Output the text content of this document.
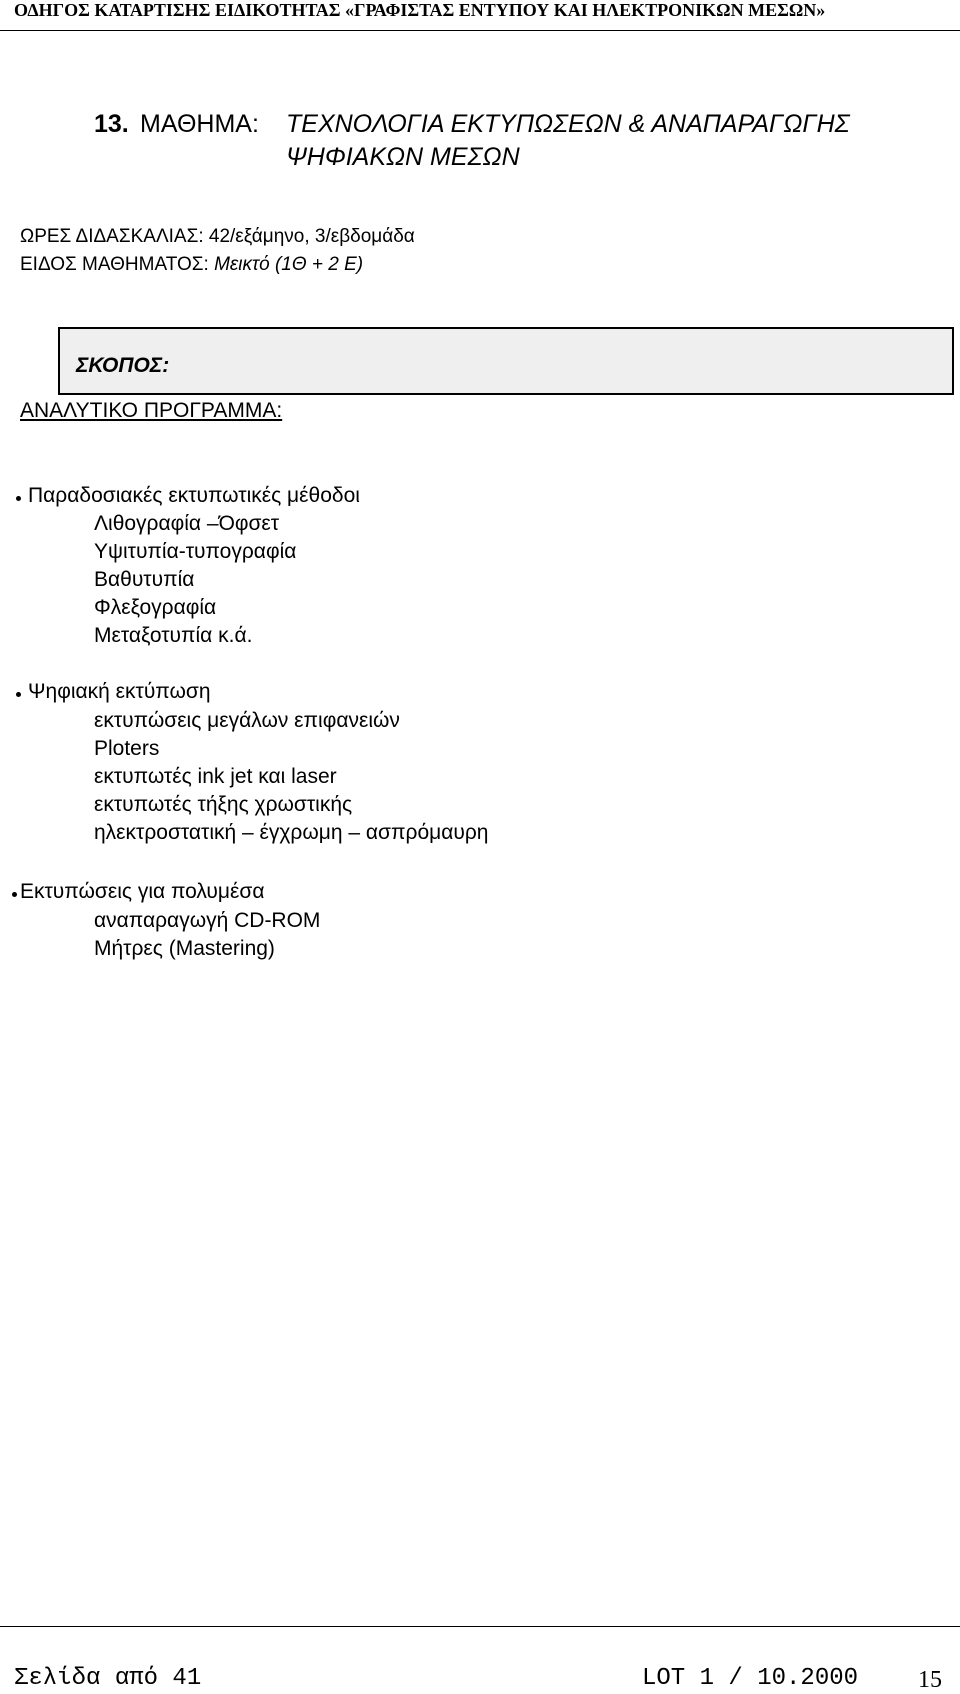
ΟΔΗΓΟΣ ΚΑΤΑΡΤΙΣΗΣ ΕΙΔΙΚΟΤΗΤΑΣ «ΓΡΑΦΙΣΤΑΣ ΕΝΤΥΠΟΥ ΚΑΙ ΗΛΕΚΤΡΟΝΙΚΩΝ ΜΕΣΩΝ»
13. ΜΑΘΗΜΑ: ΤΕΧΝΟΛΟΓΙΑ ΕΚΤΥΠΩΣΕΩΝ & ΑΝΑΠΑΡΑΓΩΓΗΣ
ΨΗΦΙΑΚΩΝ ΜΕΣΩΝ
ΩΡΕΣ ΔΙΔΑΣΚΑΛΙΑΣ: 42/εξάμηνο, 3/εβδομάδα
ΕΙΔΟΣ ΜΑΘΗΜΑΤΟΣ: Μεικτό (1Θ + 2 Ε)
ΣΚΟΠΟΣ:
ΑΝΑΛΥΤΙΚΟ ΠΡΟΓΡΑΜΜΑ:
Παραδοσιακές εκτυπωτικές μέθοδοι
Λιθογραφία –Όφσετ
Υψιτυπία-τυπογραφία
Βαθυτυπία
Φλεξογραφία
Μεταξοτυπία κ.ά.
Ψηφιακή εκτύπωση
εκτυπώσεις μεγάλων επιφανειών
Ploters
εκτυπωτές ink jet και laser
εκτυπωτές τήξης χρωστικής
ηλεκτροστατική – έγχρωμη – ασπρόμαυρη
Εκτυπώσεις για πολυμέσα
αναπαραγωγή CD-ROM
Μήτρες (Mastering)
Σελίδα από 41	LOT 1 / 10.2000 15
